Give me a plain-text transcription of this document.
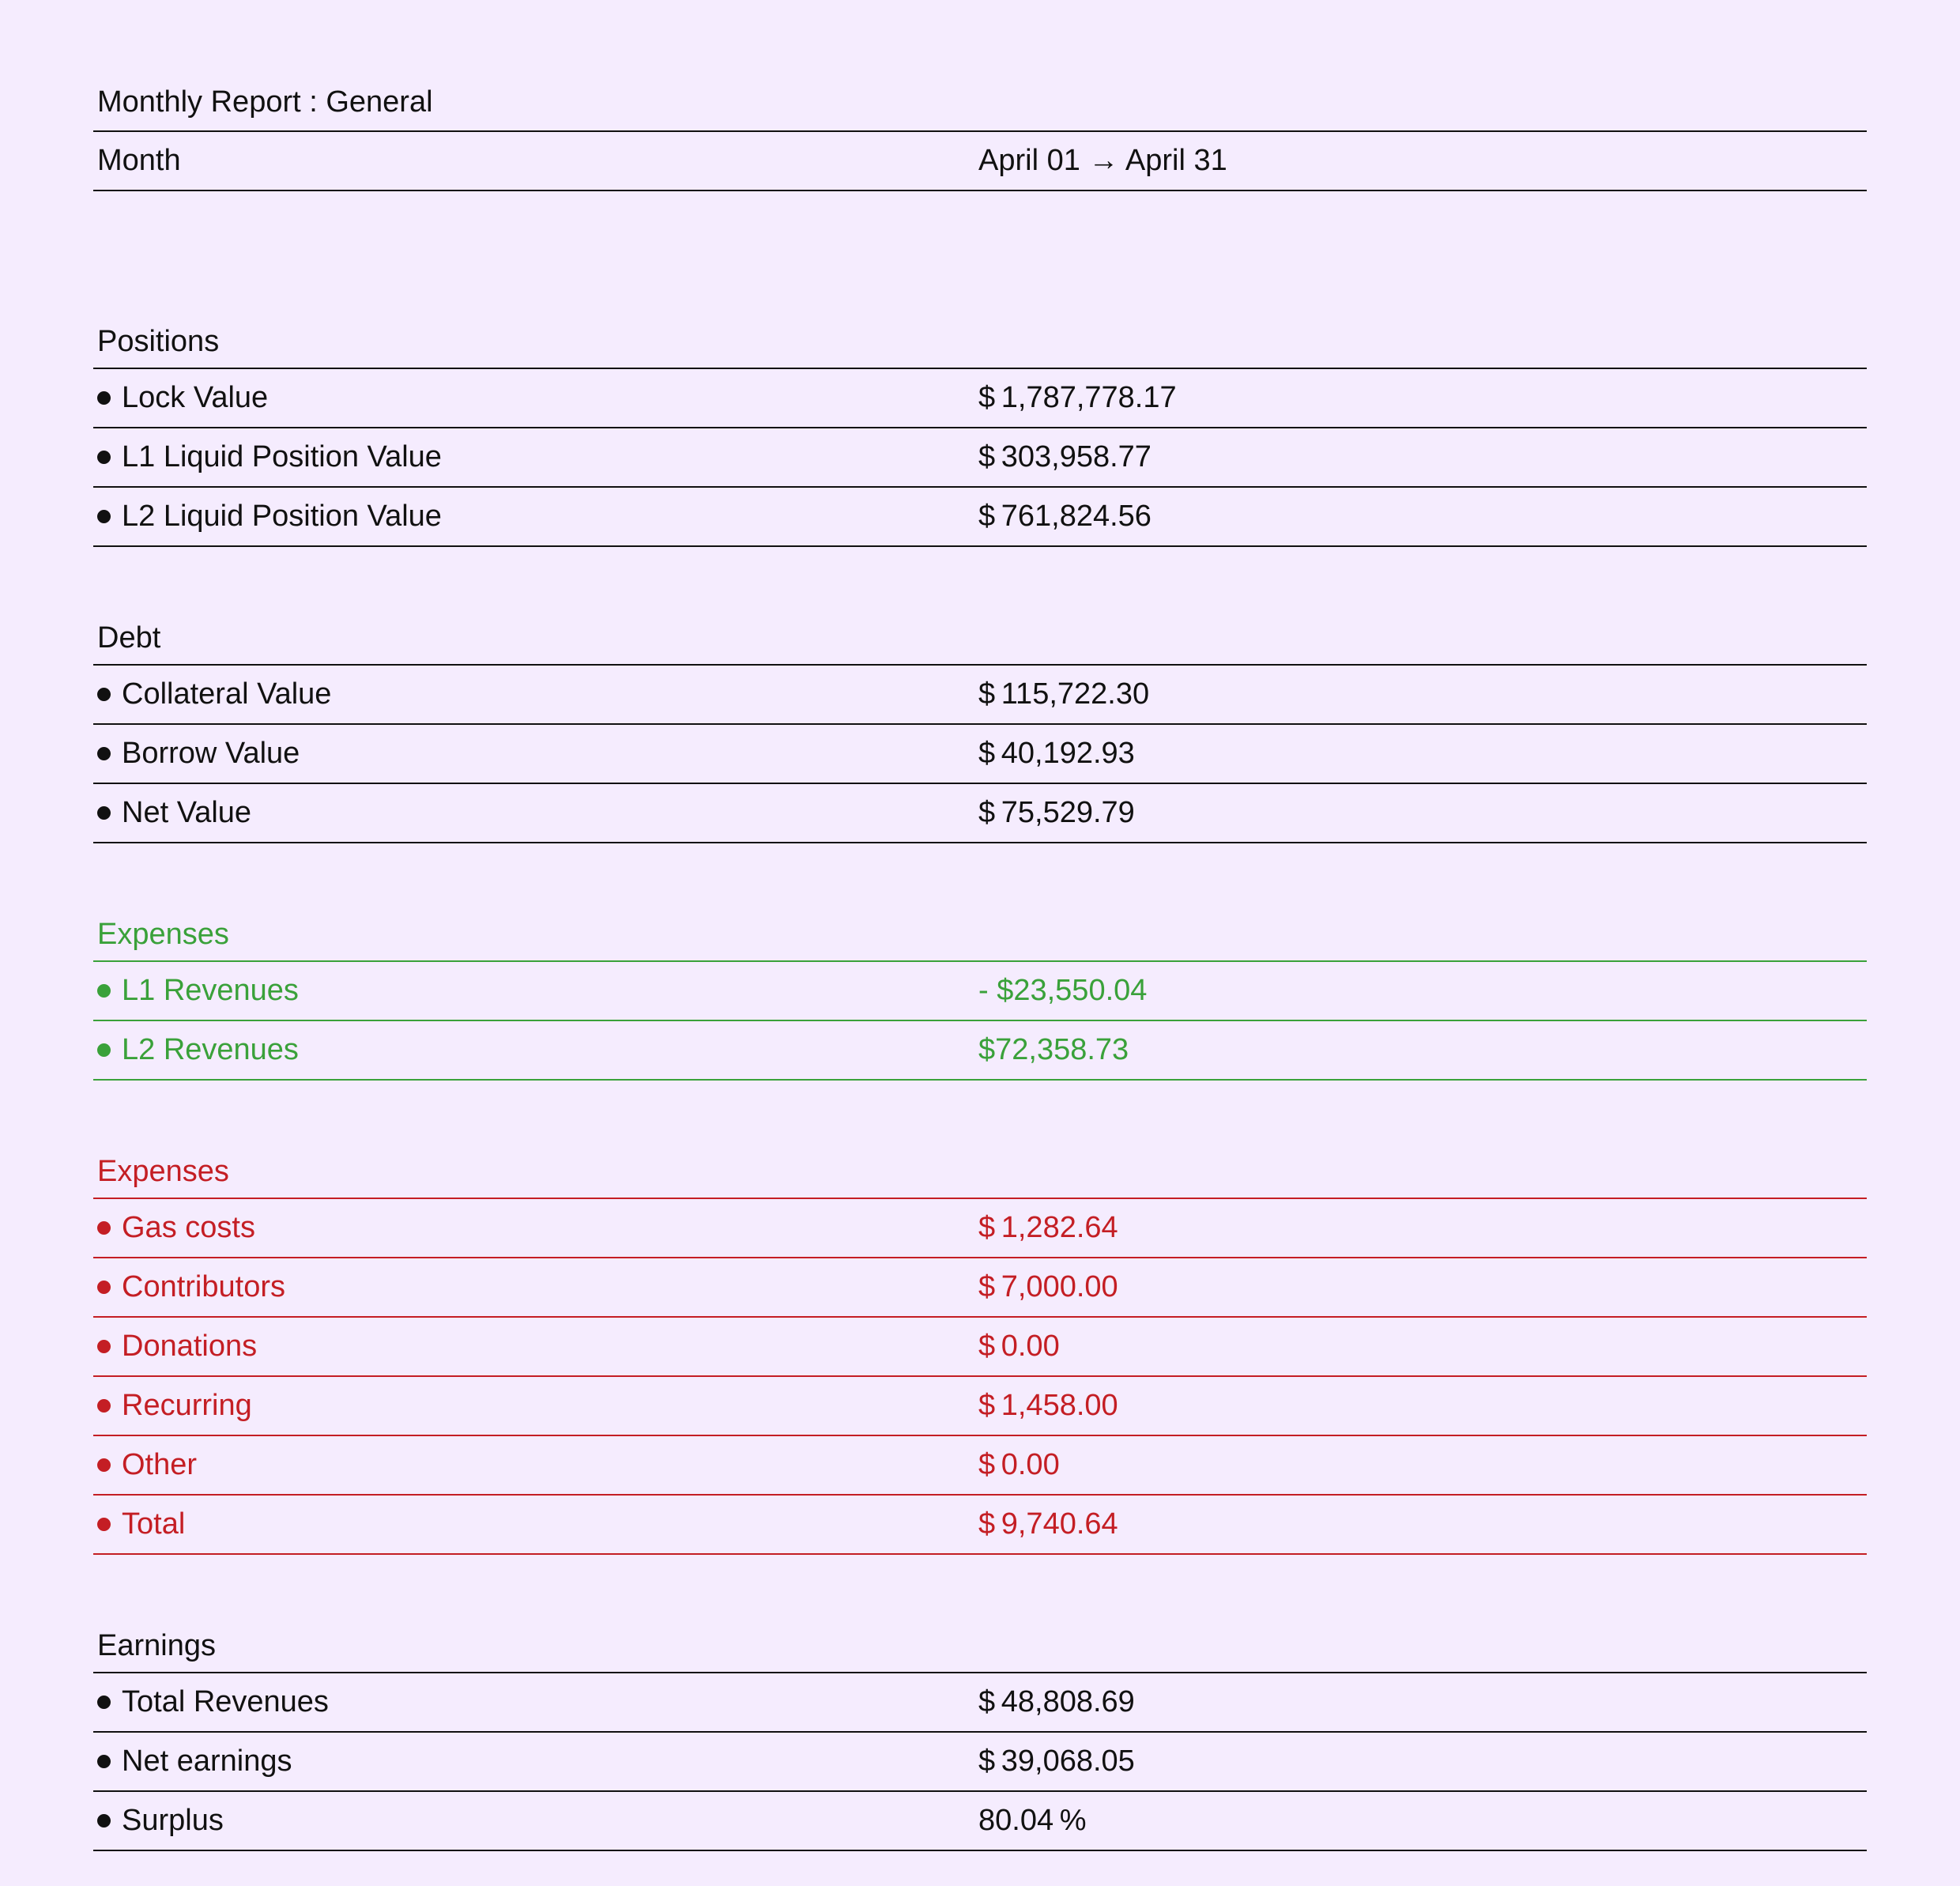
Monthly Report : General
Month	April 01 → April 31
Positions
Lock Value	$ 1,787,778.17
L1 Liquid Position Value	$ 303,958.77
L2 Liquid Position Value	$ 761,824.56
Debt
Collateral Value	$ 115,722.30
Borrow Value	$ 40,192.93
Net Value	$ 75,529.79
Expenses
L1 Revenues	- $23,550.04
L2 Revenues	$72,358.73
Expenses
Gas costs	$ 1,282.64
Contributors	$ 7,000.00
Donations	$ 0.00
Recurring	$ 1,458.00
Other	$ 0.00
Total	$ 9,740.64
Earnings
Total Revenues	$ 48,808.69
Net earnings	$ 39,068.05
Surplus	80.04 %
